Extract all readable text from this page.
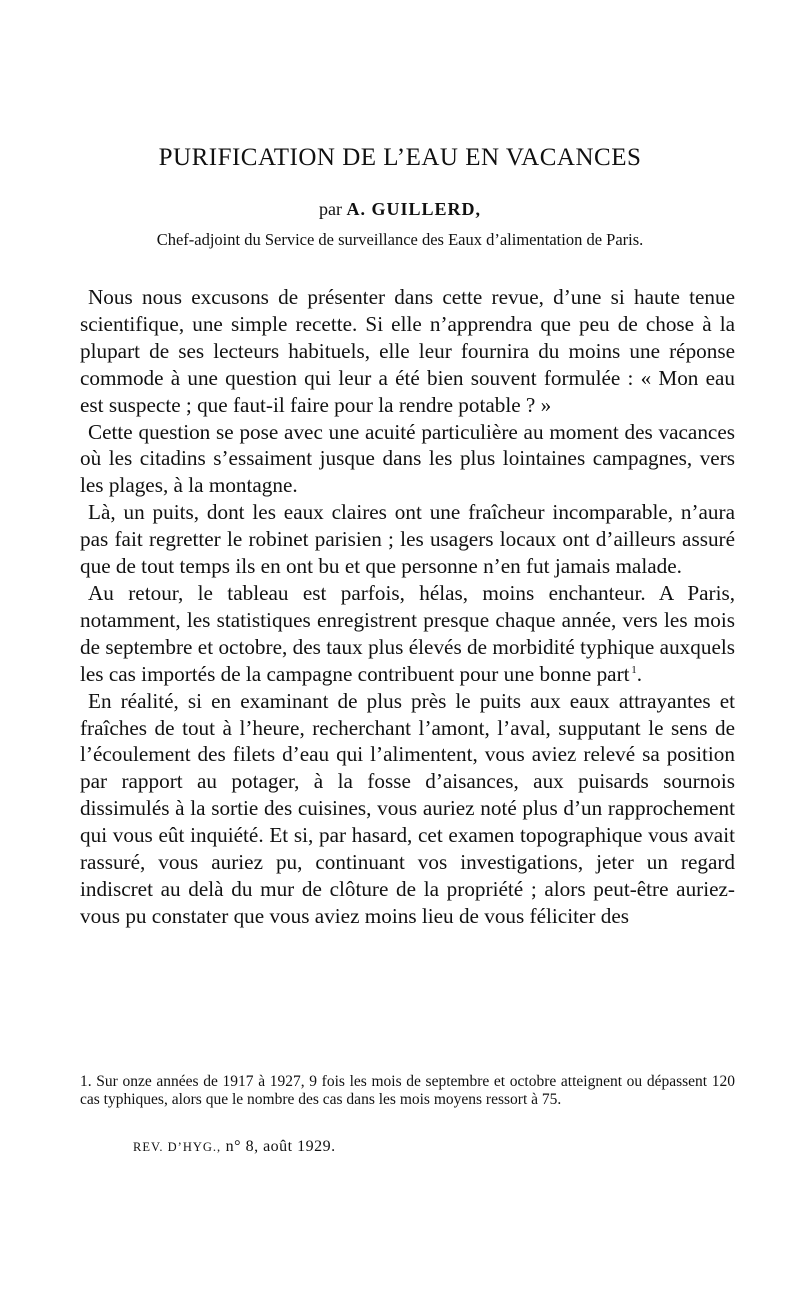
PURIFICATION DE L’EAU EN VACANCES

par A. GUILLERD,

Chef-adjoint du Service de surveillance des Eaux d’alimentation de Paris.

Nous nous excusons de présenter dans cette revue, d’une si haute tenue scientifique, une simple recette. Si elle n’apprendra que peu de chose à la plupart de ses lecteurs habituels, elle leur fournira du moins une réponse commode à une question qui leur a été bien souvent formulée : « Mon eau est suspecte ; que faut-il faire pour la rendre potable ? »

Cette question se pose avec une acuité particulière au moment des vacances où les citadins s’essaiment jusque dans les plus lointaines campagnes, vers les plages, à la montagne.

Là, un puits, dont les eaux claires ont une fraîcheur incomparable, n’aura pas fait regretter le robinet parisien ; les usagers locaux ont d’ailleurs assuré que de tout temps ils en ont bu et que personne n’en fut jamais malade.

Au retour, le tableau est parfois, hélas, moins enchanteur. A Paris, notamment, les statistiques enregistrent presque chaque année, vers les mois de septembre et octobre, des taux plus élevés de morbidité typhique auxquels les cas importés de la campagne contribuent pour une bonne part  $^1$.

En réalité, si en examinant de plus près le puits aux eaux attrayantes et fraîches de tout à l’heure, recherchant l’amont, l’aval, supputant le sens de l’écoulement des filets d’eau qui l’alimentent, vous aviez relevé sa position par rapport au potager, à la fosse d’aisances, aux puisards sournois dissimulés à la sortie des cuisines, vous auriez noté plus d’un rapprochement qui vous eût inquiété. Et si, par hasard, cet examen topographique vous avait rassuré, vous auriez pu, continuant vos investigations, jeter un regard indiscret au delà du mur de clôture de la propriété ; alors peut-être auriez-vous pu constater que vous aviez moins lieu de vous féliciter des

1. Sur onze années de 1917 à 1927, 9 fois les mois de septembre et octobre atteignent ou dépassent 120 cas typhiques, alors que le nombre des cas dans les mois moyens ressort à 75.

REV. D’HYG., n° 8, août 1929.
